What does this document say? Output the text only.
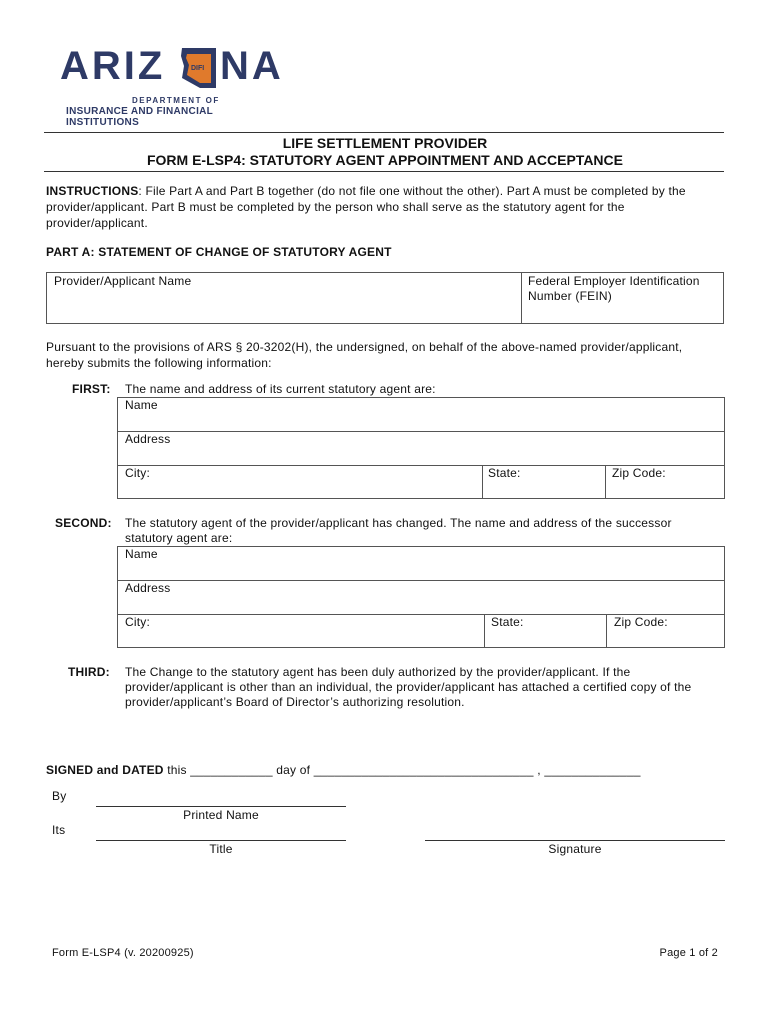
ARIZ	DIFI NA
DEPARTMENT OF
INSURANCE AND FINANCIAL INSTITUTIONS
LIFE SETTLEMENT PROVIDER
FORM E-LSP4: STATUTORY AGENT APPOINTMENT AND ACCEPTANCE
INSTRUCTIONS: File Part A and Part B together (do not file one without the other). Part A must be completed by the
provider/applicant. Part B must be completed by the person who shall serve as the statutory agent for the
provider/applicant.
PART A: STATEMENT OF CHANGE OF STATUTORY AGENT
Provider/Applicant Name	Federal Employer Identification
Number (FEIN)
Pursuant to the provisions of ARS § 20-3202(H), the undersigned, on behalf of the above-named provider/applicant,
hereby submits the following information:
FIRST: The name and address of its current statutory agent are:
Name
Address
City:	State:	Zip Code:
SECOND: The statutory agent of the provider/applicant has changed. The name and address of the successor
statutory agent are:
Name
Address
City:	State:	Zip Code:
THIRD: The Change to the statutory agent has been duly authorized by the provider/applicant. If the
provider/applicant is other than an individual, the provider/applicant has attached a certified copy of the
provider/applicant’s Board of Director’s authorizing resolution.
SIGNED and DATED this ____________ day of ________________________________ , ______________
By
Printed Name
Its
Title	Signature
Form E-LSP4 (v. 20200925)	Page 1 of 2
